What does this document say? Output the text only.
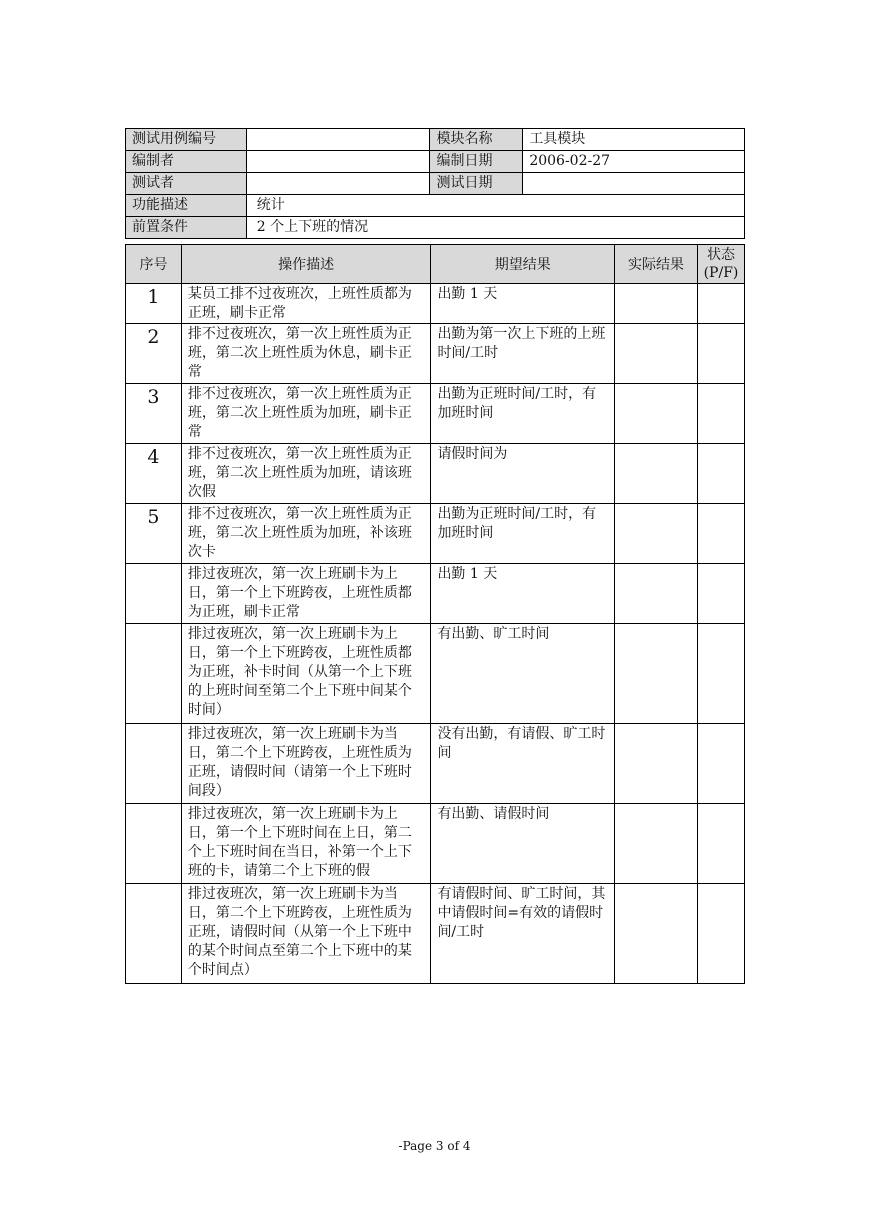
测试用例编号		模块名称	工具模块
编制者		编制日期	2006-02-27
测试者		测试日期	
功能描述	统计		
前置条件	2 个上下班的情况		
序号	操作描述	期望结果	实际结果	状态
(P/F)
1	某员工排不过夜班次，上班性质都为正班，刷卡正常	出勤 1 天		
2	排不过夜班次，第一次上班性质为正班，第二次上班性质为休息，刷卡正常	出勤为第一次上下班的上班时间/工时		
3	排不过夜班次，第一次上班性质为正班，第二次上班性质为加班，刷卡正常	出勤为正班时间/工时，有加班时间		
4	排不过夜班次，第一次上班性质为正班，第二次上班性质为加班，请该班次假	请假时间为		
5	排不过夜班次，第一次上班性质为正班，第二次上班性质为加班，补该班次卡	出勤为正班时间/工时，有加班时间		
	排过夜班次，第一次上班刷卡为上日，第一个上下班跨夜，上班性质都为正班，刷卡正常	出勤 1 天		
	排过夜班次，第一次上班刷卡为上日，第一个上下班跨夜，上班性质都为正班，补卡时间（从第一个上下班的上班时间至第二个上下班中间某个时间）	有出勤、旷工时间		
	排过夜班次，第一次上班刷卡为当日，第二个上下班跨夜，上班性质为正班，请假时间（请第一个上下班时间段）	没有出勤，有请假、旷工时间		
	排过夜班次，第一次上班刷卡为上日，第一个上下班时间在上日，第二个上下班时间在当日，补第一个上下班的卡，请第二个上下班的假	有出勤、请假时间		
	排过夜班次，第一次上班刷卡为当日，第二个上下班跨夜，上班性质为正班，请假时间（从第一个上下班中的某个时间点至第二个上下班中的某个时间点）	有请假时间、旷工时间，其中请假时间=有效的请假时间/工时		
-Page 3 of 4
